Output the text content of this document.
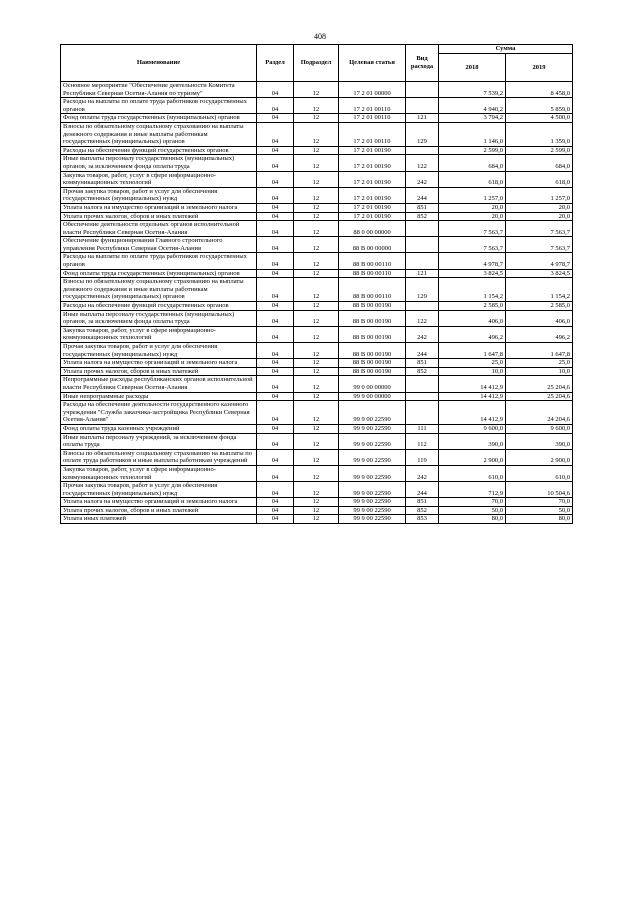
408
Наименование	Раздел	Подраздел	Целевая статья	Вид расхода	Сумма	
					2018	2019
Основное мероприятие "Обеспечение деятельности Комитета Республики Северная Осетия-Алания по туризму"	04	12	17 2 01 00000		7 539,2	8 458,0
Расходы на выплаты по оплате труда работников государственных органов	04	12	17 2 01 00110		4 940,2	5 859,0
Фонд оплаты труда государственных (муниципальных) органов	04	12	17 2 01 00110	121	3 794,2	4 500,0
Взносы по обязательному социальному страхованию на выплаты денежного содержания и иные выплаты работникам государственных (муниципальных) органов	04	12	17 2 01 00110	129	1 146,0	1 359,0
Расходы на обеспечение функций государственных органов	04	12	17 2 01 00190		2 599,0	2 599,0
Иные выплаты персоналу государственных (муниципальных) органов, за исключением фонда оплаты труда	04	12	17 2 01 00190	122	684,0	684,0
Закупка товаров, работ, услуг в сфере информационно-коммуникационных технологий	04	12	17 2 01 00190	242	618,0	618,0
Прочая закупка товаров, работ и услуг для обеспечения государственных (муниципальных) нужд	04	12	17 2 01 00190	244	1 257,0	1 257,0
Уплата налога на имущество организаций и земельного налога	04	12	17 2 01 00190	851	20,0	20,0
Уплата прочих налогов, сборов и иных платежей	04	12	17 2 01 00190	852	20,0	20,0
Обеспечение деятельности отдельных органов исполнительной власти Республики Северная Осетия-Алания	04	12	88 0 00 00000		7 563,7	7 563,7
Обеспечение функционирования Главного строительного управления Республики Северная Осетия-Алания	04	12	88 В 00 00000		7 563,7	7 563,7
Расходы на выплаты по оплате труда работников государственных органов	04	12	88 В 00 00110		4 978,7	4 978,7
Фонд оплаты труда государственных (муниципальных) органов	04	12	88 В 00 00110	121	3 824,5	3 824,5
Взносы по обязательному социальному страхованию на выплаты денежного содержания и иные выплаты работникам государственных (муниципальных) органов	04	12	88 В 00 00110	129	1 154,2	1 154,2
Расходы на обеспечение функций государственных органов	04	12	88 В 00 00190		2 585,0	2 585,0
Иные выплаты персоналу государственных (муниципальных) органов, за исключением фонда оплаты труда	04	12	88 В 00 00190	122	406,0	406,0
Закупка товаров, работ, услуг в сфере информационно-коммуникационных технологий	04	12	88 В 00 00190	242	496,2	496,2
Прочая закупка товаров, работ и услуг для обеспечения государственных (муниципальных) нужд	04	12	88 В 00 00190	244	1 647,8	1 647,8
Уплата налога на имущество организаций и земельного налога	04	12	88 В 00 00190	851	25,0	25,0
Уплата прочих налогов, сборов и иных платежей	04	12	88 В 00 00190	852	10,0	10,0
Непрограммные расходы республиканских органов исполнительной власти Республики Северная Осетия-Алания	04	12	99 0 00 00000		14 412,9	25 204,6
Иные непрограммные расходы	04	12	99 9 00 00000		14 412,9	25 204,6
Расходы на обеспечение деятельности государственного казенного учреждения "Служба заказчика-застройщика Республики Северная Осетия-Алания"	04	12	99 9 00 22590		14 412,9	24 204,6
Фонд оплаты труда казенных учреждений	04	12	99 9 00 22590	111	9 600,0	9 600,0
Иные выплаты персоналу учреждений, за исключением фонда оплаты труда	04	12	99 9 00 22590	112	390,0	390,0
Взносы по обязательному социальному страхованию на выплаты по оплате труда работников и иные выплаты работникам учреждений	04	12	99 9 00 22590	119	2 900,0	2 900,0
Закупка товаров, работ, услуг в сфере информационно-коммуникационных технологий	04	12	99 9 00 22590	242	610,0	610,0
Прочая закупка товаров, работ и услуг для обеспечения государственных (муниципальных) нужд	04	12	99 9 00 22590	244	712,9	10 504,6
Уплата налога на имущество организаций и земельного налога	04	12	99 9 00 22590	851	70,0	70,0
Уплата прочих налогов, сборов и иных платежей	04	12	99 9 00 22590	852	50,0	50,0
Уплата иных платежей	04	12	99 9 00 22590	853	80,0	80,0
